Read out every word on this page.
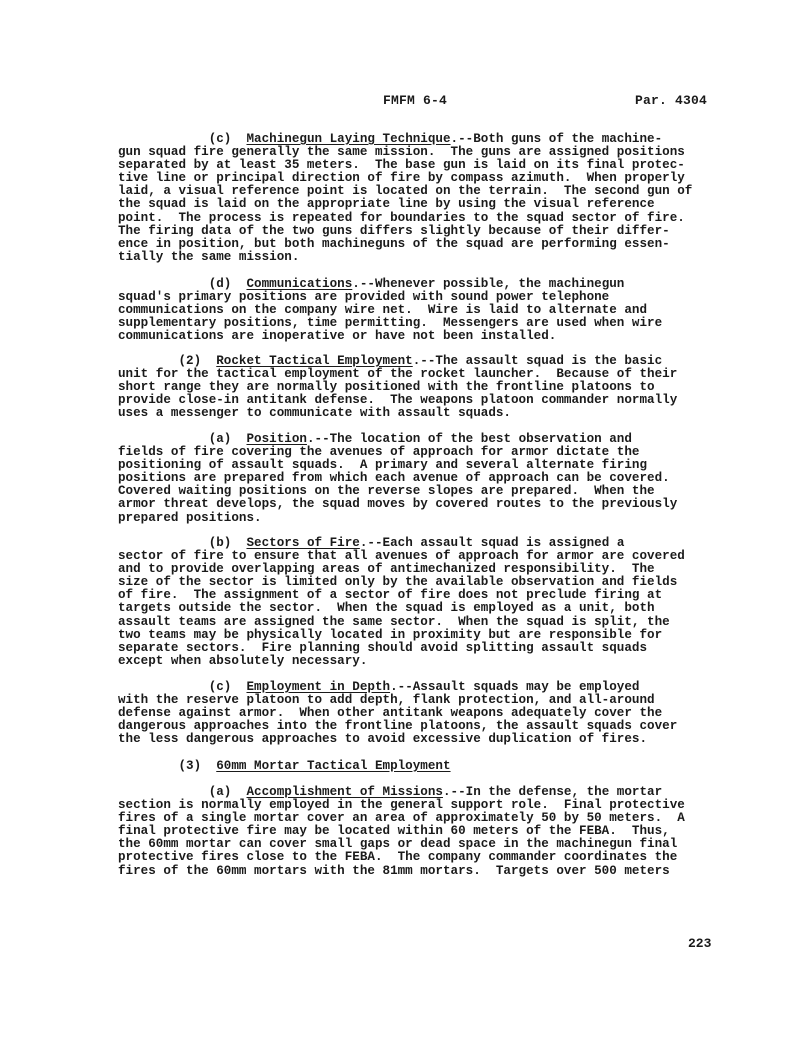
FMFM 6-4	Par. 4304
(c)  Machinegun Laying Technique.--Both guns of the machine-
gun squad fire generally the same mission.  The guns are assigned positions
separated by at least 35 meters.  The base gun is laid on its final protec-
tive line or principal direction of fire by compass azimuth.  When properly
laid, a visual reference point is located on the terrain.  The second gun of
the squad is laid on the appropriate line by using the visual reference
point.  The process is repeated for boundaries to the squad sector of fire.
The firing data of the two guns differs slightly because of their differ-
ence in position, but both machineguns of the squad are performing essen-
tially the same mission.
(d)  Communications.--Whenever possible, the machinegun
squad's primary positions are provided with sound power telephone
communications on the company wire net.  Wire is laid to alternate and
supplementary positions, time permitting.  Messengers are used when wire
communications are inoperative or have not been installed.
(2)  Rocket Tactical Employment.--The assault squad is the basic
unit for the tactical employment of the rocket launcher.  Because of their
short range they are normally positioned with the frontline platoons to
provide close-in antitank defense.  The weapons platoon commander normally
uses a messenger to communicate with assault squads.
(a)  Position.--The location of the best observation and
fields of fire covering the avenues of approach for armor dictate the
positioning of assault squads.  A primary and several alternate firing
positions are prepared from which each avenue of approach can be covered.
Covered waiting positions on the reverse slopes are prepared.  When the
armor threat develops, the squad moves by covered routes to the previously
prepared positions.
(b)  Sectors of Fire.--Each assault squad is assigned a
sector of fire to ensure that all avenues of approach for armor are covered
and to provide overlapping areas of antimechanized responsibility.  The
size of the sector is limited only by the available observation and fields
of fire.  The assignment of a sector of fire does not preclude firing at
targets outside the sector.  When the squad is employed as a unit, both
assault teams are assigned the same sector.  When the squad is split, the
two teams may be physically located in proximity but are responsible for
separate sectors.  Fire planning should avoid splitting assault squads
except when absolutely necessary.
(c)  Employment in Depth.--Assault squads may be employed
with the reserve platoon to add depth, flank protection, and all-around
defense against armor.  When other antitank weapons adequately cover the
dangerous approaches into the frontline platoons, the assault squads cover
the less dangerous approaches to avoid excessive duplication of fires.
(3)  60mm Mortar Tactical Employment
(a)  Accomplishment of Missions.--In the defense, the mortar
section is normally employed in the general support role.  Final protective
fires of a single mortar cover an area of approximately 50 by 50 meters.  A
final protective fire may be located within 60 meters of the FEBA.  Thus,
the 60mm mortar can cover small gaps or dead space in the machinegun final
protective fires close to the FEBA.  The company commander coordinates the
fires of the 60mm mortars with the 81mm mortars.  Targets over 500 meters
223
